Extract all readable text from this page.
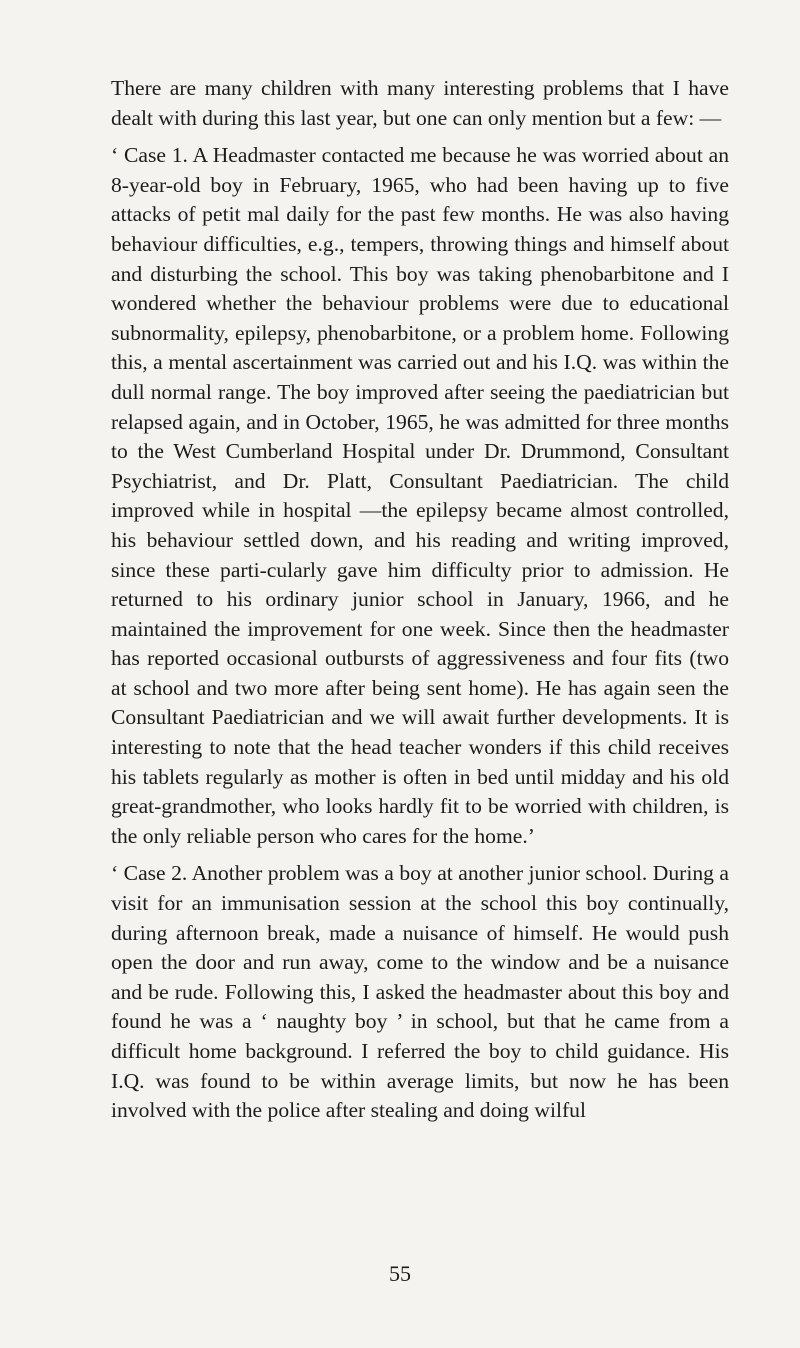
There are many children with many interesting problems that I have dealt with during this last year, but one can only mention but a few: —

‘ Case 1. A Headmaster contacted me because he was worried about an 8-year-old boy in February, 1965, who had been having up to five attacks of petit mal daily for the past few months. He was also having behaviour difficulties, e.g., tempers, throwing things and himself about and disturbing the school. This boy was taking phenobarbitone and I wondered whether the behaviour problems were due to educational subnormality, epilepsy, phenobarbitone, or a problem home. Following this, a mental ascertainment was carried out and his I.Q. was within the dull normal range. The boy improved after seeing the paediatrician but relapsed again, and in October, 1965, he was admitted for three months to the West Cumberland Hospital under Dr. Drummond, Consultant Psychiatrist, and Dr. Platt, Consultant Paediatrician. The child improved while in hospital —the epilepsy became almost controlled, his behaviour settled down, and his reading and writing improved, since these parti-cularly gave him difficulty prior to admission. He returned to his ordinary junior school in January, 1966, and he maintained the improvement for one week. Since then the headmaster has reported occasional outbursts of aggressiveness and four fits (two at school and two more after being sent home). He has again seen the Consultant Paediatrician and we will await further developments. It is interesting to note that the head teacher wonders if this child receives his tablets regularly as mother is often in bed until midday and his old great-grandmother, who looks hardly fit to be worried with children, is the only reliable person who cares for the home.’

‘ Case 2. Another problem was a boy at another junior school. During a visit for an immunisation session at the school this boy continually, during afternoon break, made a nuisance of himself. He would push open the door and run away, come to the window and be a nuisance and be rude. Following this, I asked the headmaster about this boy and found he was a ‘ naughty boy ’ in school, but that he came from a difficult home background. I referred the boy to child guidance. His I.Q. was found to be within average limits, but now he has been involved with the police after stealing and doing wilful

55
